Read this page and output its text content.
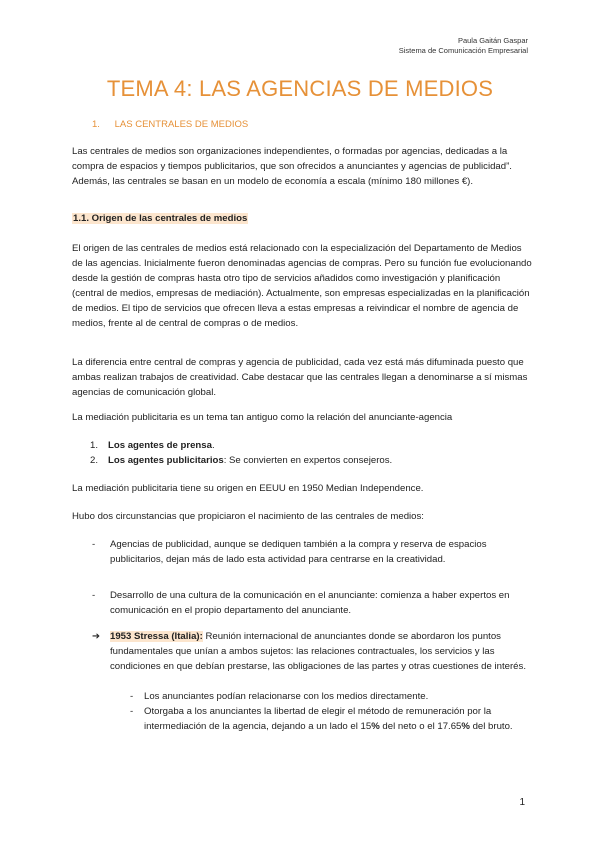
Paula Gaitán Gaspar
Sistema de Comunicación Empresarial
TEMA 4: LAS AGENCIAS DE MEDIOS
1. LAS CENTRALES DE MEDIOS

Las centrales de medios son organizaciones independientes, o formadas por agencias, dedicadas a la compra de espacios y tiempos publicitarios, que son ofrecidos a anunciantes y agencias de publicidad”. Además, las centrales se basan en un modelo de economía a escala (mínimo 180 millones €).

1.1. Origen de las centrales de medios

El origen de las centrales de medios está relacionado con la especialización del Departamento de Medios de las agencias. Inicialmente fueron denominadas agencias de compras. Pero su función fue evolucionando desde la gestión de compras hasta otro tipo de servicios añadidos como investigación y planificación (central de medios, empresas de mediación). Actualmente, son empresas especializadas en la planificación de medios. El tipo de servicios que ofrecen lleva a estas empresas a reivindicar el nombre de agencia de medios, frente al de central de compras o de medios.

La diferencia entre central de compras y agencia de publicidad, cada vez está más difuminada puesto que ambas realizan trabajos de creatividad. Cabe destacar que las centrales llegan a denominarse a sí mismas agencias de comunicación global.

La mediación publicitaria es un tema tan antiguo como la relación del anunciante-agencia

1. Los agentes de prensa.
2. Los agentes publicitarios: Se convierten en expertos consejeros.

La mediación publicitaria tiene su origen en EEUU en 1950 Median Independence.

Hubo dos circunstancias que propiciaron el nacimiento de las centrales de medios:

- Agencias de publicidad, aunque se dediquen también a la compra y reserva de espacios publicitarios, dejan más de lado esta actividad para centrarse en la creatividad.
- Desarrollo de una cultura de la comunicación en el anunciante: comienza a haber expertos en comunicación en el propio departamento del anunciante.
➔ 1953 Stressa (Italia): Reunión internacional de anunciantes donde se abordaron los puntos fundamentales que unían a ambos sujetos: las relaciones contractuales, los servicios y las condiciones en que debían prestarse, las obligaciones de las partes y otras cuestiones de interés.
- Los anunciantes podían relacionarse con los medios directamente.
- Otorgaba a los anunciantes la libertad de elegir el método de remuneración por la intermediación de la agencia, dejando a un lado el 15% del neto o el 17.65% del bruto.
1
